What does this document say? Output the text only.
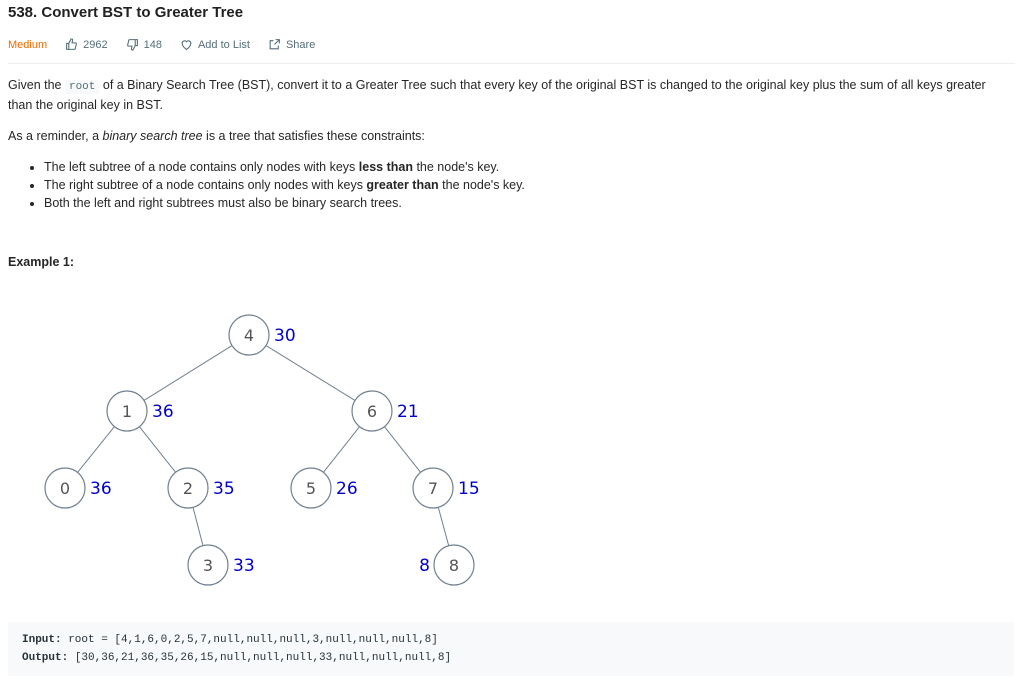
538. Convert BST to Greater Tree
Medium	2962	148	Add to List	Share

Given the root of a Binary Search Tree (BST), convert it to a Greater Tree such that every key of the original BST is changed to the original key plus the sum of all keys greater than the original key in BST.

As a reminder, a binary search tree is a tree that satisfies these constraints:

• The left subtree of a node contains only nodes with keys less than the node's key.
• The right subtree of a node contains only nodes with keys greater than the node's key.
• Both the left and right subtrees must also be binary search trees.

Example 1:

4 30
1 36	6 21
0 36	2 35	5 26	7 15
3 33	8
8
Input: root = [4,1,6,0,2,5,7,null,null,null,3,null,null,null,8]
Output: [30,36,21,36,35,26,15,null,null,null,33,null,null,null,8]
